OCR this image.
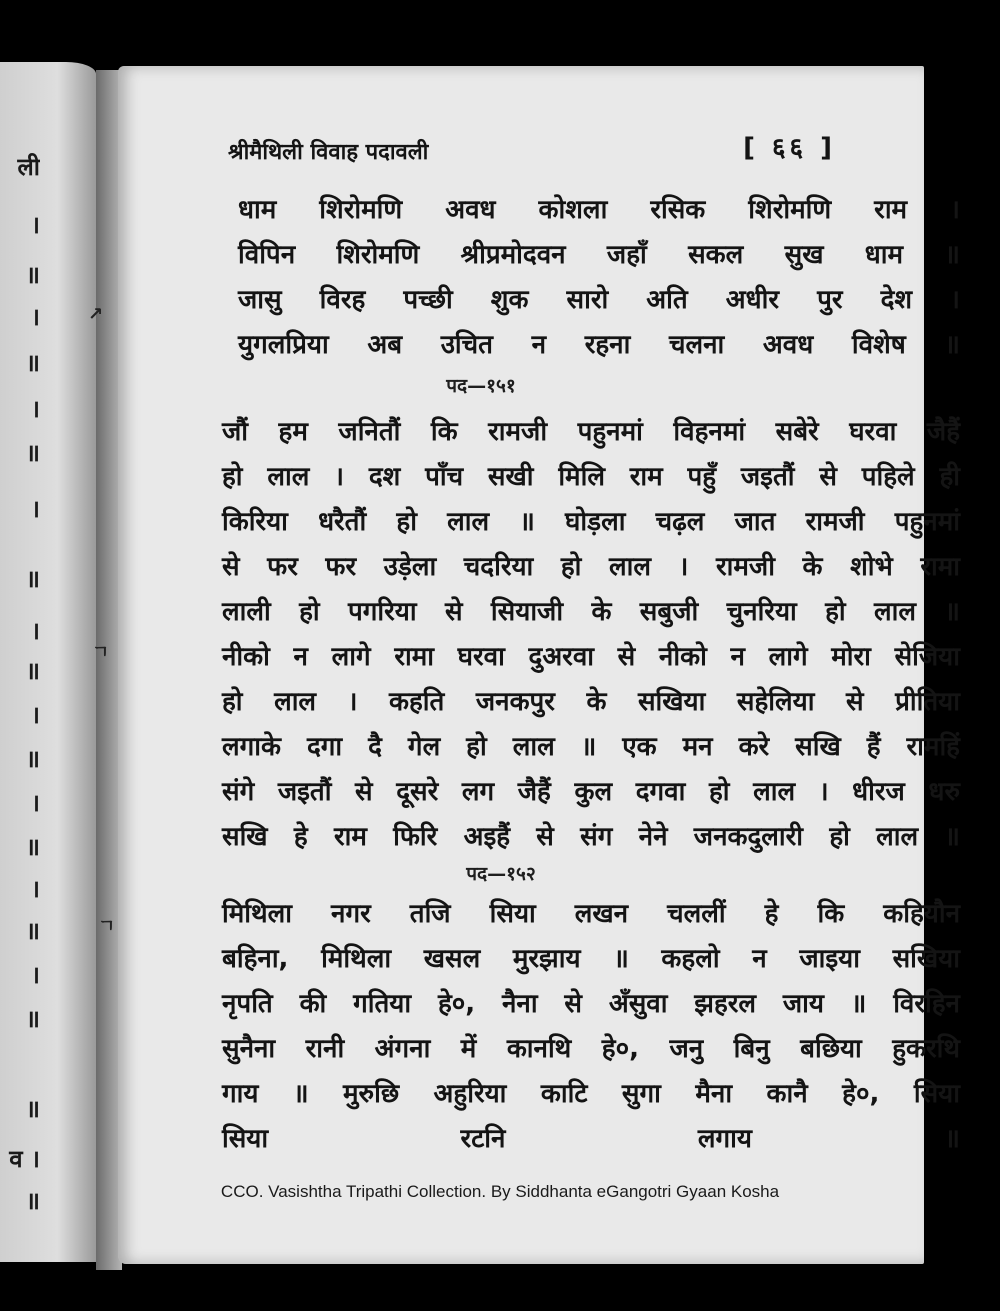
ली
।
॥
।
॥
।
॥
।
॥
।
॥
।
॥
।
॥
।
॥
।
॥
॥
व ।
॥
↗
ㄱ
ㄱ
श्रीमैथिली विवाह पदावली	[ ६६ ]
धाम शिरोमणि अवध कोशला रसिक शिरोमणि राम ।
विपिन शिरोमणि श्रीप्रमोदवन जहाँ सकल सुख धाम ॥
जासु विरह पच्छी शुक सारो अति अधीर पुर देश ।
युगलप्रिया अब उचित न रहना चलना अवध विशेष ॥
पद—१५१
जौं हम जनितौं कि रामजी पहुनमां विहनमां सबेरे घरवा जैहैं
हो लाल । दश पाँच सखी मिलि राम पहुँ जइतौं से पहिले ही
किरिया धरैतौं हो लाल ॥ घोड़ला चढ़ल जात रामजी पहुनमां
से फर फर उड़ेला चदरिया हो लाल । रामजी के शोभे रामा
लाली हो पगरिया से सियाजी के सबुजी चुनरिया हो लाल ॥
नीको न लागे रामा घरवा दुअरवा से नीको न लागे मोरा सेजिया
हो लाल । कहति जनकपुर के सखिया सहेलिया से प्रीतिया
लगाके दगा दै गेल हो लाल ॥ एक मन करे सखि हैं रामहिं
संगे जइतौं से दूसरे लग जैहैं कुल दगवा हो लाल । धीरज धरु
सखि हे राम फिरि अइहैं से संग नेने जनकदुलारी हो लाल ॥
पद—१५२
मिथिला नगर तजि सिया लखन चललीं हे कि कहियौन
बहिना, मिथिला खसल मुरझाय ॥ कहलो न जाइया सखिया
नृपति की गतिया हे०, नैना से अँसुवा झहरल जाय ॥ विरहिन
सुनैना रानी अंगना में कानथि हे०, जनु बिनु बछिया हुकरथि
गाय ॥ मुरुछि अहुरिया काटि सुगा मैना कानै हे०, सिया
सिया रटनि लगाय ॥
CCO. Vasishtha Tripathi Collection. By Siddhanta eGangotri Gyaan Kosha
